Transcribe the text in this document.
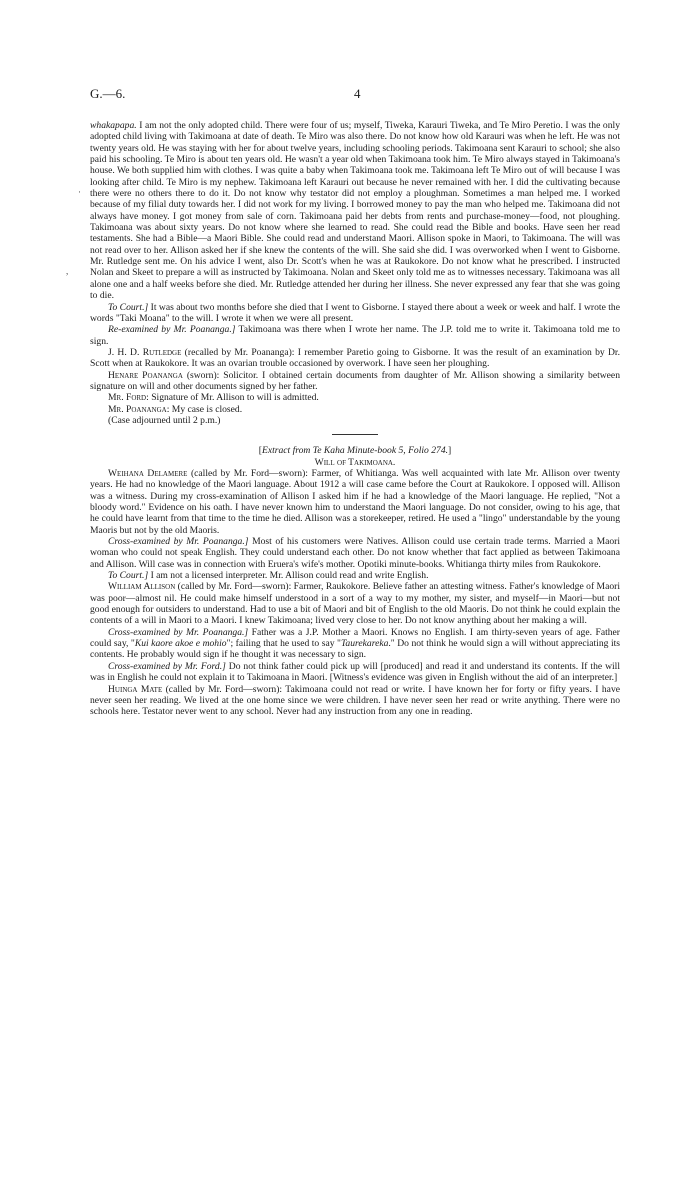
G.—6.	4
·
,

whakapapa. I am not the only adopted child. There were four of us; myself, Tiweka, Karauri Tiweka, and Te Miro Peretio. I was the only adopted child living with Takimoana at date of death. Te Miro was also there. Do not know how old Karauri was when he left. He was not twenty years old. He was staying with her for about twelve years, including schooling periods. Takimoana sent Karauri to school; she also paid his schooling. Te Miro is about ten years old. He wasn't a year old when Takimoana took him. Te Miro always stayed in Takimoana's house. We both supplied him with clothes. I was quite a baby when Takimoana took me. Takimoana left Te Miro out of will because I was looking after child. Te Miro is my nephew. Takimoana left Karauri out because he never remained with her. I did the cultivating because there were no others there to do it. Do not know why testator did not employ a ploughman. Sometimes a man helped me. I worked because of my filial duty towards her. I did not work for my living. I borrowed money to pay the man who helped me. Takimoana did not always have money. I got money from sale of corn. Takimoana paid her debts from rents and purchase-money—food, not ploughing. Takimoana was about sixty years. Do not know where she learned to read. She could read the Bible and books. Have seen her read testaments. She had a Bible—a Maori Bible. She could read and understand Maori. Allison spoke in Maori, to Takimoana. The will was not read over to her. Allison asked her if she knew the contents of the will. She said she did. I was overworked when I went to Gisborne. Mr. Rutledge sent me. On his advice I went, also Dr. Scott's when he was at Raukokore. Do not know what he prescribed. I instructed Nolan and Skeet to prepare a will as instructed by Takimoana. Nolan and Skeet only told me as to witnesses necessary. Takimoana was all alone one and a half weeks before she died. Mr. Rutledge attended her during her illness. She never expressed any fear that she was going to die.

To Court.] It was about two months before she died that I went to Gisborne. I stayed there about a week or week and half. I wrote the words "Taki Moana" to the will. I wrote it when we were all present.

Re-examined by Mr. Poananga.] Takimoana was there when I wrote her name. The J.P. told me to write it. Takimoana told me to sign.

J. H. D. Rutledge (recalled by Mr. Poananga): I remember Paretio going to Gisborne. It was the result of an examination by Dr. Scott when at Raukokore. It was an ovarian trouble occasioned by overwork. I have seen her ploughing.

Henare Poananga (sworn): Solicitor. I obtained certain documents from daughter of Mr. Allison showing a similarity between signature on will and other documents signed by her father.

Mr. Ford: Signature of Mr. Allison to will is admitted.

Mr. Poananga: My case is closed.

(Case adjourned until 2 p.m.)

[Extract from Te Kaha Minute-book 5, Folio 274.]

Will of Takimoana.

Weihana Delamere (called by Mr. Ford—sworn): Farmer, of Whitianga. Was well acquainted with late Mr. Allison over twenty years. He had no knowledge of the Maori language. About 1912 a will case came before the Court at Raukokore. I opposed will. Allison was a witness. During my cross-examination of Allison I asked him if he had a knowledge of the Maori language. He replied, "Not a bloody word." Evidence on his oath. I have never known him to understand the Maori language. Do not consider, owing to his age, that he could have learnt from that time to the time he died. Allison was a storekeeper, retired. He used a "lingo" understandable by the young Maoris but not by the old Maoris.

Cross-examined by Mr. Poananga.] Most of his customers were Natives. Allison could use certain trade terms. Married a Maori woman who could not speak English. They could understand each other. Do not know whether that fact applied as between Takimoana and Allison. Will case was in connection with Eruera's wife's mother. Opotiki minute-books. Whitianga thirty miles from Raukokore.

To Court.] I am not a licensed interpreter. Mr. Allison could read and write English.

William Allison (called by Mr. Ford—sworn): Farmer, Raukokore. Believe father an attesting witness. Father's knowledge of Maori was poor—almost nil. He could make himself understood in a sort of a way to my mother, my sister, and myself—in Maori—but not good enough for outsiders to understand. Had to use a bit of Maori and bit of English to the old Maoris. Do not think he could explain the contents of a will in Maori to a Maori. I knew Takimoana; lived very close to her. Do not know anything about her making a will.

Cross-examined by Mr. Poananga.] Father was a J.P. Mother a Maori. Knows no English. I am thirty-seven years of age. Father could say, "Kui kaore akoe e mohio"; failing that he used to say "Taurekareka." Do not think he would sign a will without appreciating its contents. He probably would sign if he thought it was necessary to sign.

Cross-examined by Mr. Ford.] Do not think father could pick up will [produced] and read it and understand its contents. If the will was in English he could not explain it to Takimoana in Maori. [Witness's evidence was given in English without the aid of an interpreter.]

Huinga Mate (called by Mr. Ford—sworn): Takimoana could not read or write. I have known her for forty or fifty years. I have never seen her reading. We lived at the one home since we were children. I have never seen her read or write anything. There were no schools here. Testator never went to any school. Never had any instruction from any one in reading.
